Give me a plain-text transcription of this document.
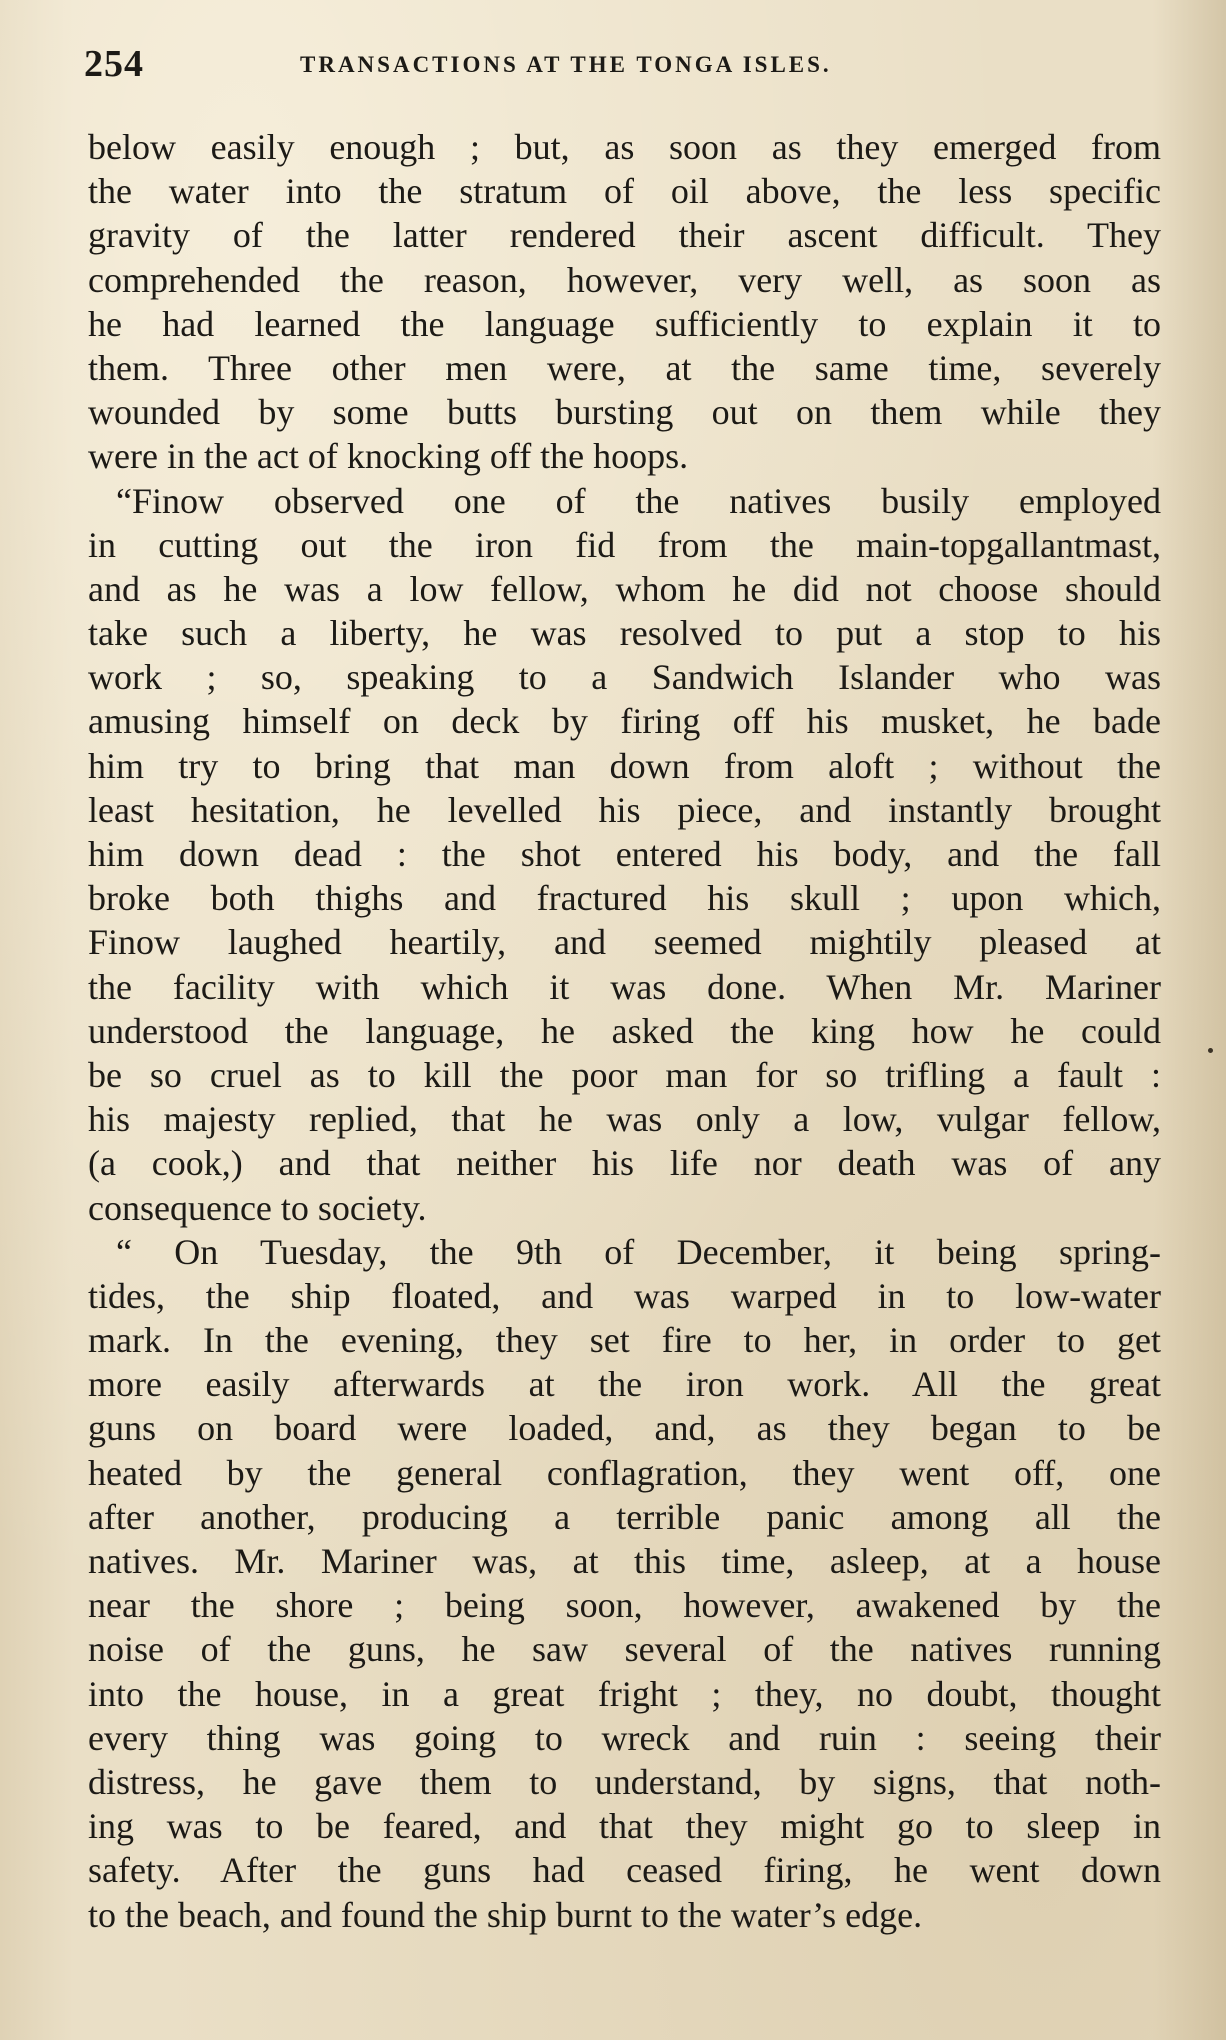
254	TRANSACTIONS AT THE TONGA ISLES.
below easily enough ; but, as soon as they emerged from
the water into the stratum of oil above, the less specific
gravity of the latter rendered their ascent difficult. They
comprehended the reason, however, very well, as soon as
he had learned the language sufficiently to explain it to
them. Three other men were, at the same time, severely
wounded by some butts bursting out on them while they
were in the act of knocking off the hoops.
“Finow observed one of the natives busily employed
in cutting out the iron fid from the main-topgallantmast,
and as he was a low fellow, whom he did not choose should
take such a liberty, he was resolved to put a stop to his
work ; so, speaking to a Sandwich Islander who was
amusing himself on deck by firing off his musket, he bade
him try to bring that man down from aloft ; without the
least hesitation, he levelled his piece, and instantly brought
him down dead : the shot entered his body, and the fall
broke both thighs and fractured his skull ; upon which,
Finow laughed heartily, and seemed mightily pleased at
the facility with which it was done. When Mr. Mariner
understood the language, he asked the king how he could
be so cruel as to kill the poor man for so trifling a fault :
his majesty replied, that he was only a low, vulgar fellow,
(a cook,) and that neither his life nor death was of any
consequence to society.
“ On Tuesday, the 9th of December, it being spring-
tides, the ship floated, and was warped in to low-water
mark. In the evening, they set fire to her, in order to get
more easily afterwards at the iron work. All the great
guns on board were loaded, and, as they began to be
heated by the general conflagration, they went off, one
after another, producing a terrible panic among all the
natives. Mr. Mariner was, at this time, asleep, at a house
near the shore ; being soon, however, awakened by the
noise of the guns, he saw several of the natives running
into the house, in a great fright ; they, no doubt, thought
every thing was going to wreck and ruin : seeing their
distress, he gave them to understand, by signs, that noth-
ing was to be feared, and that they might go to sleep in
safety. After the guns had ceased firing, he went down
to the beach, and found the ship burnt to the water’s edge.
